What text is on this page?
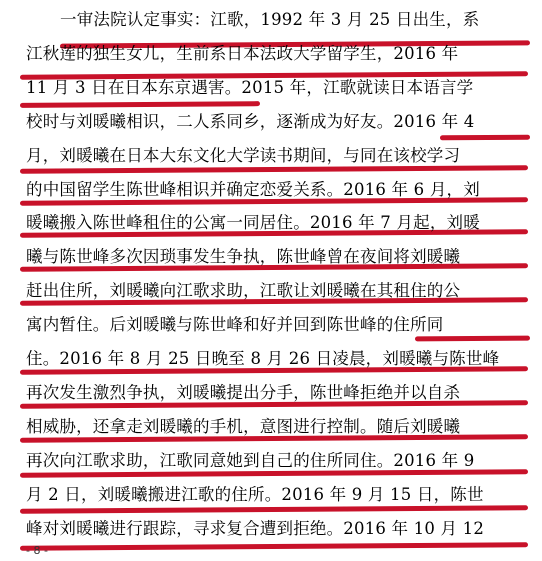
一审法院认定事实：江歌，1992 年 3 月 25 日出生，系
江秋莲的独生女儿，生前系日本法政大学留学生，2016 年
11 月 3 日在日本东京遇害。2015 年，江歌就读日本语言学
校时与刘暖曦相识，二人系同乡，逐渐成为好友。2016 年 4
月，刘暖曦在日本大东文化大学读书期间，与同在该校学习
的中国留学生陈世峰相识并确定恋爱关系。2016 年 6 月，刘
暖曦搬入陈世峰租住的公寓一同居住。2016 年 7 月起，刘暖
曦与陈世峰多次因琐事发生争执，陈世峰曾在夜间将刘暖曦
赶出住所，刘暖曦向江歌求助，江歌让刘暖曦在其租住的公
寓内暂住。后刘暖曦与陈世峰和好并回到陈世峰的住所同
住。2016 年 8 月 25 日晚至 8 月 26 日凌晨，刘暖曦与陈世峰
再次发生激烈争执，刘暖曦提出分手，陈世峰拒绝并以自杀
相威胁，还拿走刘暖曦的手机，意图进行控制。随后刘暖曦
再次向江歌求助，江歌同意她到自己的住所同住。2016 年 9
月 2 日，刘暖曦搬进江歌的住所。2016 年 9 月 15 日，陈世
峰对刘暖曦进行跟踪，寻求复合遭到拒绝。2016 年 10 月 12
- 8 -
